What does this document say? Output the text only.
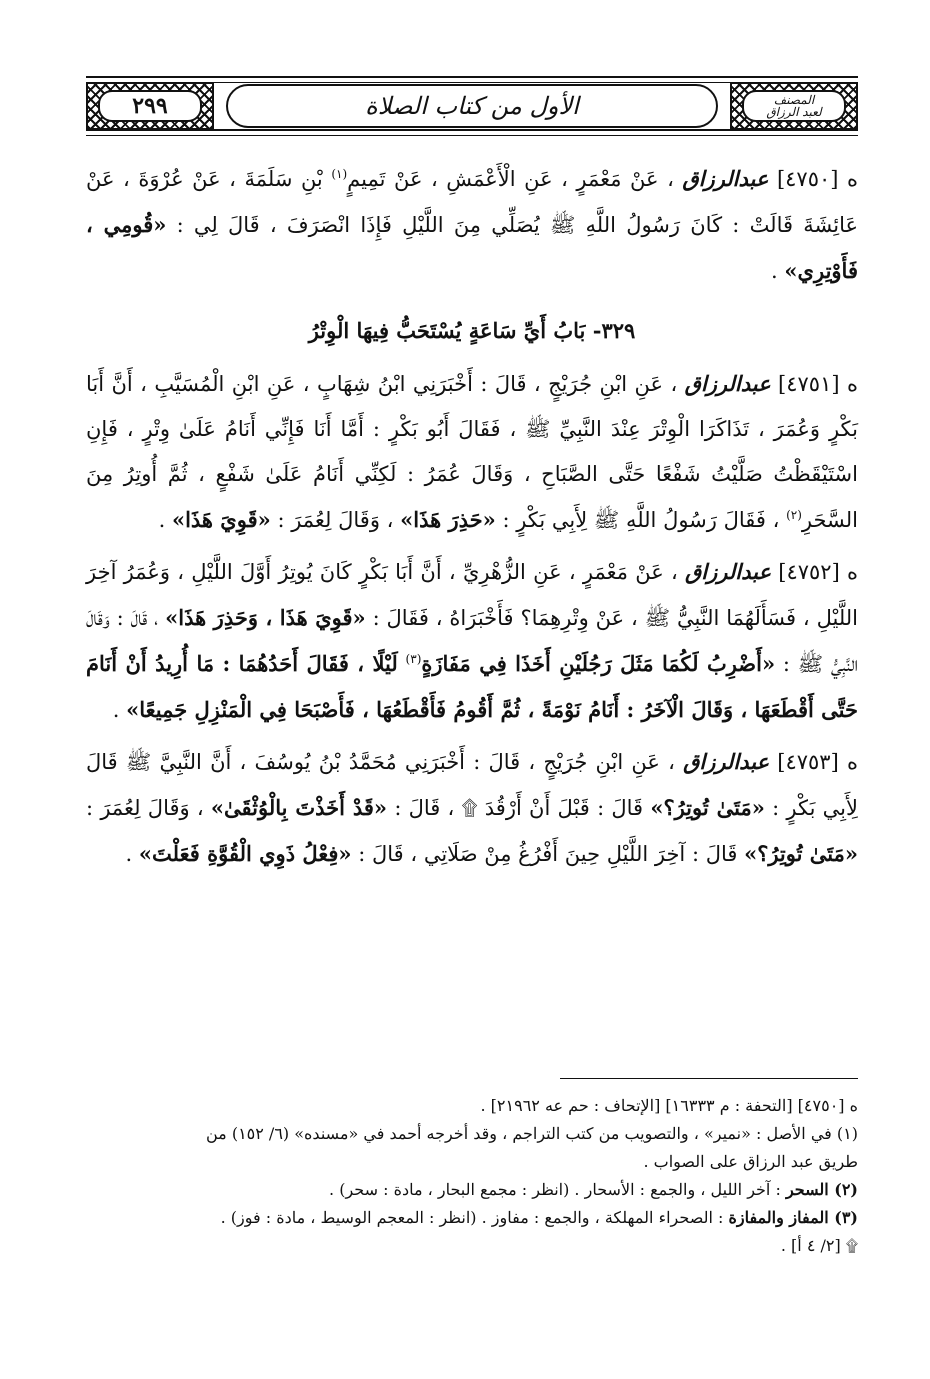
٢٩٩	الأول من كتاب الصلاة	المصنف
لعبد الرزاق

ه [٤٧٥٠] عبدالرزاق ، عَنْ مَعْمَرٍ ، عَنِ الْأَعْمَشِ ، عَنْ تَمِيمٍ$^{(١)}$ بْنِ سَلَمَةَ ، عَنْ عُرْوَةَ ، عَنْ عَائِشَةَ قَالَتْ : كَانَ رَسُولُ اللَّهِ ﷺ يُصَلِّي مِنَ اللَّيْلِ فَإِذَا انْصَرَفَ ، قَالَ لِي : «قُومِي ، فَأَوْتِرِي» .

٣٢٩- بَابُ أَيِّ سَاعَةٍ يُسْتَحَبُّ فِيهَا الْوِتْرُ

ه [٤٧٥١] عبدالرزاق ، عَنِ ابْنِ جُرَيْجٍ ، قَالَ : أَخْبَرَنِي ابْنُ شِهَابٍ ، عَنِ ابْنِ الْمُسَيَّبِ ، أَنَّ أَبَا بَكْرٍ وَعُمَرَ ، تَذَاكَرَا الْوِتْرَ عِنْدَ النَّبِيِّ ﷺ ، فَقَالَ أَبُو بَكْرٍ : أَمَّا أَنَا فَإِنِّي أَنَامُ عَلَىٰ وِتْرٍ ، فَإِنِ اسْتَيْقَظْتُ صَلَّيْتُ شَفْعًا حَتَّى الصَّبَاحِ ، وَقَالَ عُمَرُ : لَكِنِّي أَنَامُ عَلَىٰ شَفْعٍ ، ثُمَّ أُوتِرُ مِنَ السَّحَرِ$^{(٢)}$ ، فَقَالَ رَسُولُ اللَّهِ ﷺ لِأَبِي بَكْرٍ : «حَذِرَ هَذَا» ، وَقَالَ لِعُمَرَ : «قَوِيَ هَذَا» .

ه [٤٧٥٢] عبدالرزاق ، عَنْ مَعْمَرٍ ، عَنِ الزُّهْرِيِّ ، أَنَّ أَبَا بَكْرٍ كَانَ يُوتِرُ أَوَّلَ اللَّيْلِ ، وَعُمَرُ آخِرَ اللَّيْلِ ، فَسَأَلَهُمَا النَّبِيُّ ﷺ ، عَنْ وِتْرِهِمَا؟ فَأَخْبَرَاهُ ، فَقَالَ : «قَوِيَ هَذَا ، وَحَذِرَ هَذَا» ، قَالَ : وَقَالَ النَّبِيُّ ﷺ : «أَضْرِبُ لَكُمَا مَثَلَ رَجُلَيْنِ أَخَذَا فِي مَفَازَةٍ$^{(٣)}$ لَيْلًا ، فَقَالَ أَحَدُهُمَا : مَا أُرِيدُ أَنْ أَنَامَ حَتَّى أَقْطَعَهَا ، وَقَالَ الْآخَرُ : أَنَامُ نَوْمَةً ، ثُمَّ أَقُومُ فَأَقْطَعُهَا ، فَأَصْبَحَا فِي الْمَنْزِلِ جَمِيعًا» .

ه [٤٧٥٣] عبدالرزاق ، عَنِ ابْنِ جُرَيْجٍ ، قَالَ : أَخْبَرَنِي مُحَمَّدُ بْنُ يُوسُفَ ، أَنَّ النَّبِيَّ ﷺ قَالَ لِأَبِي بَكْرٍ : «مَتَىٰ تُوتِرُ؟» قَالَ : قَبْلَ أَنْ أَرْقُدَ ۩ ، قَالَ : «قَدْ أَخَذْتَ بِالْوُثْقَىٰ» ، وَقَالَ لِعُمَرَ : «مَتَىٰ تُوتِرُ؟» قَالَ : آخِرَ اللَّيْلِ حِينَ أَفْرُغُ مِنْ صَلَاتِي ، قَالَ : «فِعْلُ ذَوِي الْقُوَّةِ فَعَلْتَ» .

ه [٤٧٥٠] [التحفة : م ١٦٣٣٣] [الإتحاف : حم عه ٢١٩٦٢] .

(١) في الأصل : «نمير» ، والتصويب من كتب التراجم ، وقد أخرجه أحمد في «مسنده» (٦/ ١٥٢) من

طريق عبد الرزاق على الصواب .

(٢) السحر : آخر الليل ، والجمع : الأسحار . (انظر : مجمع البحار ، مادة : سحر) .

(٣) المفاز والمفازة : الصحراء المهلكة ، والجمع : مفاوز . (انظر : المعجم الوسيط ، مادة : فوز) .

۩ [٢/ ٤ أ] .
